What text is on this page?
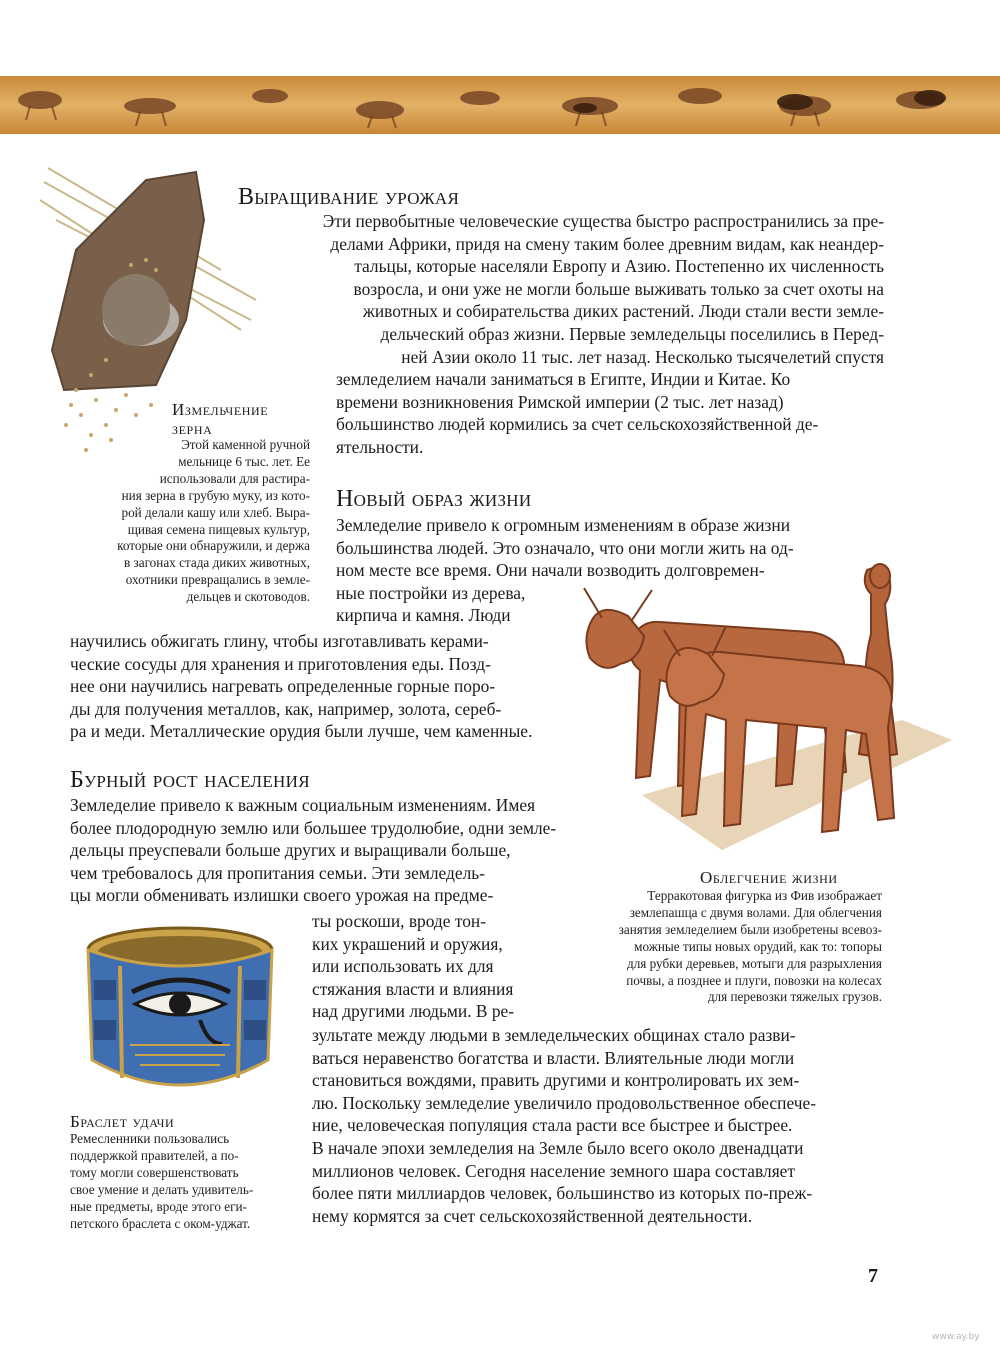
Выращивание урожая
Эти первобытные человеческие существа быстро распространились за пре-
делами Африки, придя на смену таким более древним видам, как неандер-
тальцы, которые населяли Европу и Азию. Постепенно их численность
возросла, и они уже не могли больше выживать только за счет охоты на
животных и собирательства диких растений. Люди стали вести земле-
дельческий образ жизни. Первые земледельцы поселились в Перед-
ней Азии около 11 тыс. лет назад. Несколько тысячелетий спустя
земледелием начали заниматься в Египте, Индии и Китае. Ко
времени возникновения Римской империи (2 тыс. лет назад)
большинство людей кормились за счет сельскохозяйственной де-
ятельности.
Измельчение
зерна
Этой каменной ручной
мельнице 6 тыс. лет. Ее
использовали для растира-
ния зерна в грубую муку, из кото-
рой делали кашу или хлеб. Выра-
щивая семена пищевых культур,
которые они обнаружили, и держа
в загонах стада диких животных,
охотники превращались в земле-
дельцев и скотоводов.
Новый образ жизни
Земледелие привело к огромным изменениям в образе жизни
большинства людей. Это означало, что они могли жить на од-
ном месте все время. Они начали возводить долговремен-
ные постройки из дерева,
кирпича и камня. Люди
научились обжигать глину, чтобы изготавливать керами-
ческие сосуды для хранения и приготовления еды. Позд-
нее они научились нагревать определенные горные поро-
ды для получения металлов, как, например, золота, сереб-
ра и меди. Металлические орудия были лучше, чем каменные.
Облегчение жизни
Терракотовая фигурка из Фив изображает
землепашца с двумя волами. Для облегчения
занятия земледелием были изобретены всевоз-
можные типы новых орудий, как то: топоры
для рубки деревьев, мотыги для разрыхления
почвы, а позднее и плуги, повозки на колесах
для перевозки тяжелых грузов.
Бурный рост населения
Земледелие привело к важным социальным изменениям. Имея
более плодородную землю или большее трудолюбие, одни земле-
дельцы преуспевали больше других и выращивали больше,
чем требовалось для пропитания семьи. Эти земледель-
цы могли обменивать излишки своего урожая на предме-
ты роскоши, вроде тон-
ких украшений и оружия,
или использовать их для
стяжания власти и влияния
над другими людьми. В ре-
зультате между людьми в земледельческих общинах стало разви-
ваться неравенство богатства и власти. Влиятельные люди могли
становиться вождями, править другими и контролировать их зем-
лю. Поскольку земледелие увеличило продовольственное обеспече-
ние, человеческая популяция стала расти все быстрее и быстрее.
В начале эпохи земледелия на Земле было всего около двенадцати
миллионов человек. Сегодня население земного шара составляет
более пяти миллиардов человек, большинство из которых по-преж-
нему кормятся за счет сельскохозяйственной деятельности.
Браслет удачи
Ремесленники пользовались
поддержкой правителей, а по-
тому могли совершенствовать
свое умение и делать удивитель-
ные предметы, вроде этого еги-
петского браслета с оком-уджат.
7
www.ay.by
